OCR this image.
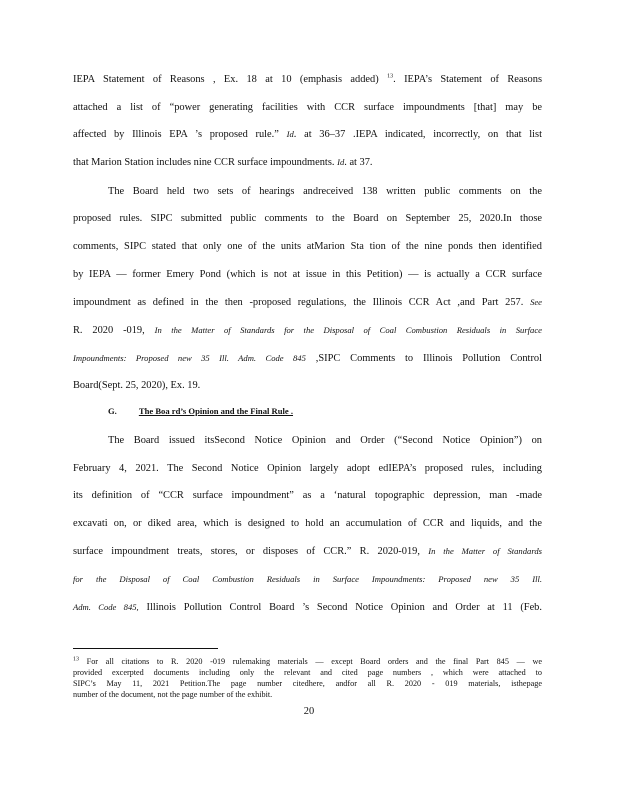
IEPA Statement of Reasons , Ex. 18 at 10 (emphasis added) $^{13}$. IEPA’s Statement of Reasons
attached a list of “power generating facilities with CCR surface impoundments [that] may be
affected by Illinois EPA ’s proposed rule.” Id. at 36–37 .IEPA indicated, incorrectly, on that list
that Marion Station includes nine CCR surface impoundments. Id. at 37.
The Board held two sets of hearings andreceived 138 written public comments on the
proposed rules. SIPC submitted public comments to the Board on September 25, 2020.In those
comments, SIPC stated that only one of the units atMarion Sta tion of the nine ponds then identified
by IEPA — former Emery Pond (which is not at issue in this Petition) — is actually a CCR surface
impoundment as defined in the then -proposed regulations, the Illinois CCR Act ,and Part 257. See
R. 2020 -019, In the Matter of Standards for the Disposal of Coal Combustion Residuals in Surface
Impoundments: Proposed new 35 Ill. Adm. Code 845 ,SIPC Comments to Illinois Pollution Control
Board(Sept. 25, 2020), Ex. 19.
G.	The Boa rd’s Opinion and the Final Rule .
The Board issued itsSecond Notice Opinion and Order (“Second Notice Opinion”) on
February 4, 2021. The Second Notice Opinion largely adopt edIEPA’s proposed rules, including
its definition of “CCR surface impoundment” as a ‘natural topographic depression, man -made
excavati on, or diked area, which is designed to hold an accumulation of CCR and liquids, and the
surface impoundment treats, stores, or disposes of CCR.” R. 2020-019, In the Matter of Standards
for the Disposal of Coal Combustion Residuals in Surface Impoundments: Proposed new 35 Ill.
Adm. Code 845, Illinois Pollution Control Board ’s Second Notice Opinion and Order at 11 (Feb.
$^{13}$ For all citations to R. 2020 -019 rulemaking materials — except Board orders and the final Part 845 — we
provided excerpted documents including only the relevant and cited page numbers , which were attached to
SIPC’s May 11, 2021 Petition.The page number citedhere, andfor all R. 2020 - 019 materials, isthepage
number of the document, not the page number of the exhibit.
20
